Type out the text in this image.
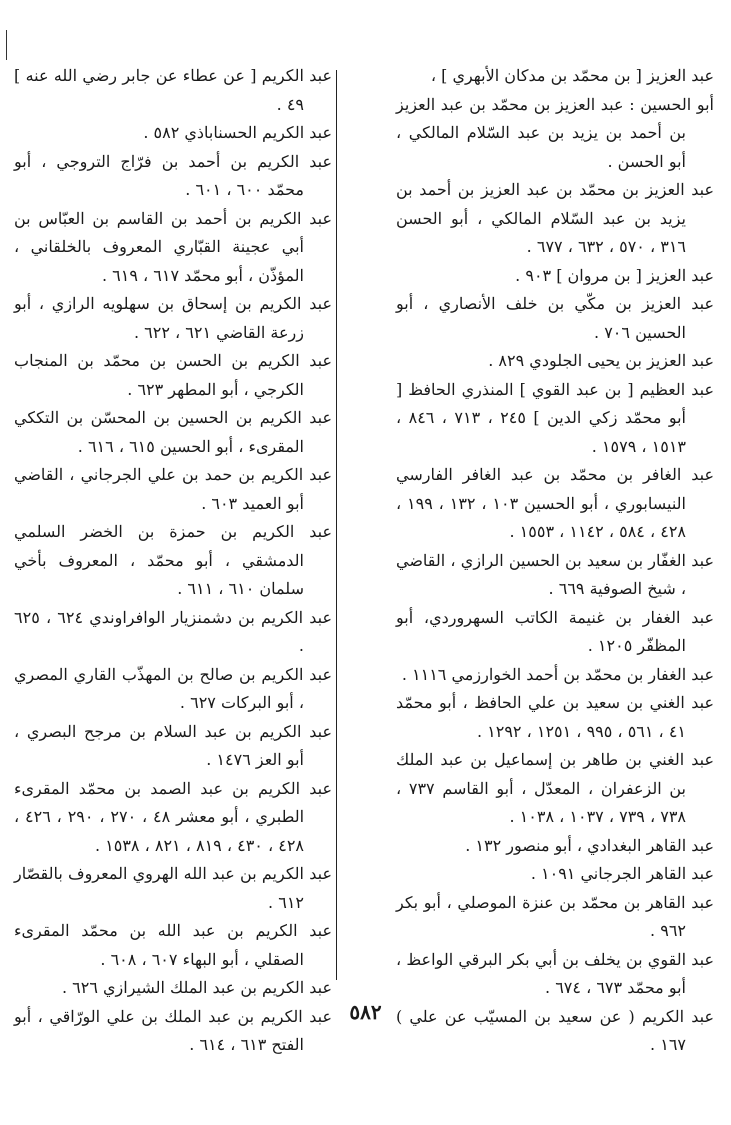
عبد العزيز [ بن محمّد بن مدكان الأبهري ] ،

أبو الحسين : عبد العزيز بن محمّد بن عبد العزيز بن أحمد بن يزيد بن عبد السّلام المالكي ، أبو الحسن .

عبد العزيز بن محمّد بن عبد العزيز بن أحمد بن يزيد بن عبد السّلام المالكي ، أبو الحسن ٣١٦ ، ٥٧٠ ، ٦٣٢ ، ٦٧٧ .

عبد العزيز [ بن مروان ] ٩٠٣ .

عبد العزيز بن مكّي بن خلف الأنصاري ، أبو الحسين ٧٠٦ .

عبد العزيز بن يحيى الجلودي ٨٢٩ .

عبد العظيم [ بن عبد القوي ] المنذري الحافظ [ أبو محمّد زكي الدين ] ٢٤٥ ، ٧١٣ ، ٨٤٦ ، ١٥١٣ ، ١٥٧٩ .

عبد الغافر بن محمّد بن عبد الغافر الفارسي النيسابوري ، أبو الحسين ١٠٣ ، ١٣٢ ، ١٩٩ ، ٤٢٨ ، ٥٨٤ ، ١١٤٢ ، ١٥٥٣ .

عبد الغفّار بن سعيد بن الحسين الرازي ، القاضي ، شيخ الصوفية ٦٦٩ .

عبد الغفار بن غنيمة الكاتب السهروردي، أبو المظفّر ١٢٠٥ .

عبد الغفار بن محمّد بن أحمد الخوارزمي ١١١٦ .

عبد الغني بن سعيد بن علي الحافظ ، أبو محمّد ٤١ ، ٥٦١ ، ٩٩٥ ، ١٢٥١ ، ١٢٩٢ .

عبد الغني بن طاهر بن إسماعيل بن عبد الملك بن الزعفران ، المعدّل ، أبو القاسم ٧٣٧ ، ٧٣٨ ، ٧٣٩ ، ١٠٣٧ ، ١٠٣٨ .

عبد القاهر البغدادي ، أبو منصور ١٣٢ .

عبد القاهر الجرجاني ١٠٩١ .

عبد القاهر بن محمّد بن عنزة الموصلي ، أبو بكر ٩٦٢ .

عبد القوي بن يخلف بن أبي بكر البرقي الواعظ ، أبو محمّد ٦٧٣ ، ٦٧٤ .

عبد الكريم ( عن سعيد بن المسيّب عن علي ) ١٦٧ .

عبد الكريم [ عن عطاء عن جابر رضي الله عنه ] ٤٩ .

عبد الكريم الحسناباذي ٥٨٢ .

عبد الكريم بن أحمد بن فرّاج التروجي ، أبو محمّد ٦٠٠ ، ٦٠١ .

عبد الكريم بن أحمد بن القاسم بن العبّاس بن أبي عجينة القبّاري المعروف بالخلقاني ، المؤذّن ، أبو محمّد ٦١٧ ، ٦١٩ .

عبد الكريم بن إسحاق بن سهلويه الرازي ، أبو زرعة القاضي ٦٢١ ، ٦٢٢ .

عبد الكريم بن الحسن بن محمّد بن المنجاب الكرجي ، أبو المطهر ٦٢٣ .

عبد الكريم بن الحسين بن المحسّن بن التككي المقرىء ، أبو الحسين ٦١٥ ، ٦١٦ .

عبد الكريم بن حمد بن علي الجرجاني ، القاضي أبو العميد ٦٠٣ .

عبد الكريم بن حمزة بن الخضر السلمي الدمشقي ، أبو محمّد ، المعروف بأخي سلمان ٦١٠ ، ٦١١ .

عبد الكريم بن دشمنزيار الوافراوندي ٦٢٤ ، ٦٢٥ .

عبد الكريم بن صالح بن المهذّب القاري المصري ، أبو البركات ٦٢٧ .

عبد الكريم بن عبد السلام بن مرجح البصري ، أبو العز ١٤٧٦ .

عبد الكريم بن عبد الصمد بن محمّد المقرىء الطبري ، أبو معشر ٤٨ ، ٢٧٠ ، ٢٩٠ ، ٤٢٦ ، ٤٢٨ ، ٤٣٠ ، ٨١٩ ، ٨٢١ ، ١٥٣٨ .

عبد الكريم بن عبد الله الهروي المعروف بالقصّار ٦١٢ .

عبد الكريم بن عبد الله بن محمّد المقرىء الصقلي ، أبو البهاء ٦٠٧ ، ٦٠٨ .

عبد الكريم بن عبد الملك الشيرازي ٦٢٦ .

عبد الكريم بن عبد الملك بن علي الورّاقي ، أبو الفتح ٦١٣ ، ٦١٤ .

٥٨٢
